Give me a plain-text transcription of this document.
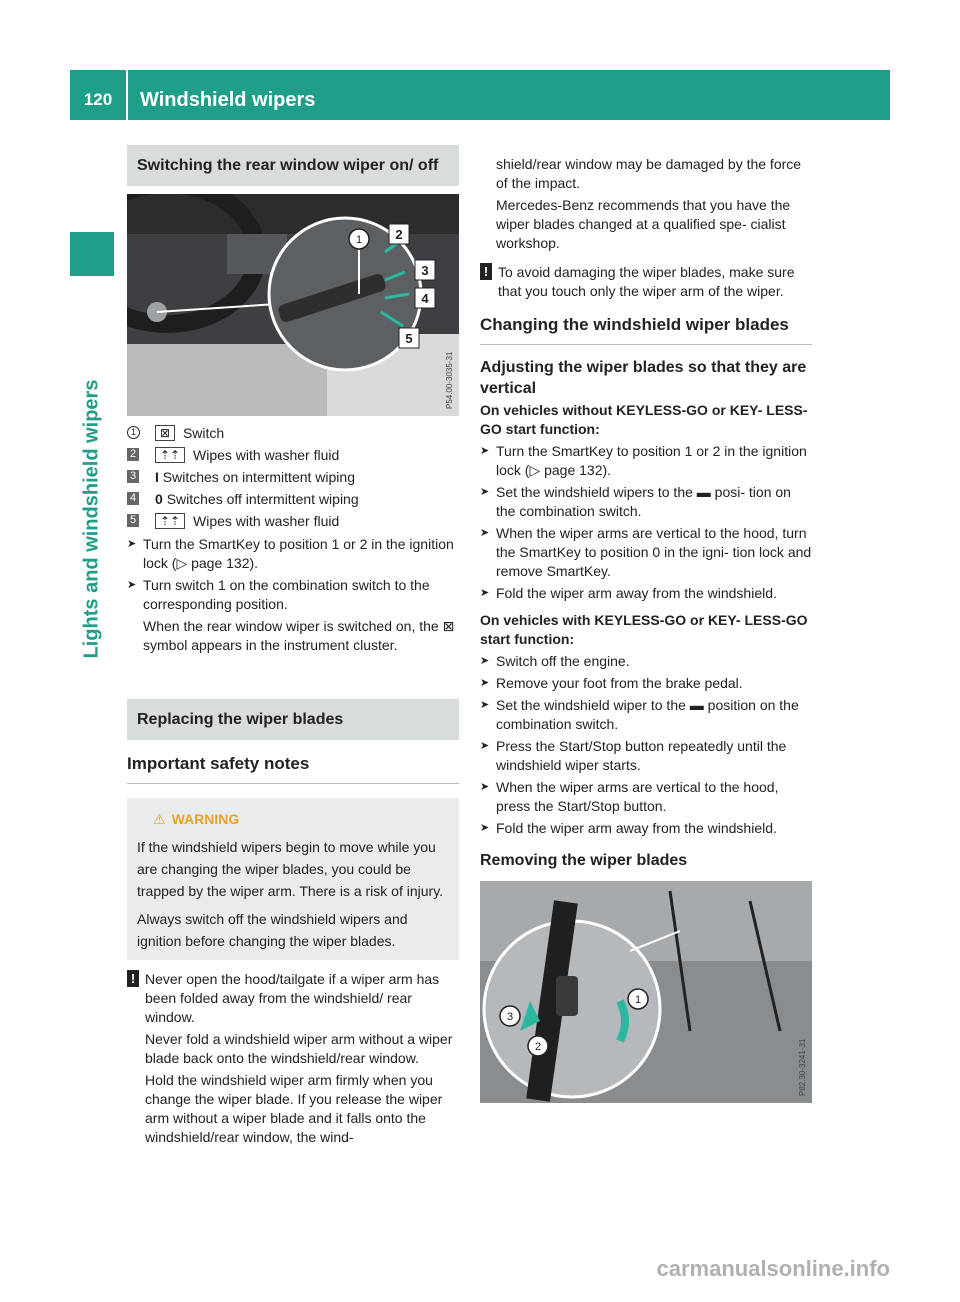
120	Windshield wipers
Lights and windshield wipers
Switching the rear window wiper on/ off
1	2
3
4
5
P54.00-3035-31
1	⊠ Switch
2 ⇡⇡ Wipes with washer fluid
3 I Switches on intermittent wiping
4 0 Switches off intermittent wiping
5 ⇡⇡ Wipes with washer fluid
➤ Turn the SmartKey to position 1 or 2 in the ignition lock (▷ page 132).
➤ Turn switch 1 on the combination switch to the corresponding position.
When the rear window wiper is switched on, the ⊠ symbol appears in the instrument cluster.
Replacing the wiper blades
Important safety notes
⚠ WARNING
If the windshield wipers begin to move while you are changing the wiper blades, you could be trapped by the wiper arm. There is a risk of injury.
Always switch off the windshield wipers and ignition before changing the wiper blades.

! Never open the hood/tailgate if a wiper arm has been folded away from the windshield/ rear window.

Never fold a windshield wiper arm without a wiper blade back onto the windshield/rear window.

Hold the windshield wiper arm firmly when you change the wiper blade. If you release the wiper arm without a wiper blade and it falls onto the windshield/rear window, the wind-

shield/rear window may be damaged by the force of the impact.
Mercedes-Benz recommends that you have the wiper blades changed at a qualified spe- cialist workshop.

! To avoid damaging the wiper blades, make sure that you touch only the wiper arm of the wiper.

Changing the windshield wiper blades
Adjusting the wiper blades so that they are vertical
On vehicles without KEYLESS-GO or KEY- LESS-GO start function:
➤ Turn the SmartKey to position 1 or 2 in the ignition lock (▷ page 132).
➤ Set the windshield wipers to the ▬ posi- tion on the combination switch.
➤ When the wiper arms are vertical to the hood, turn the SmartKey to position 0 in the igni- tion lock and remove SmartKey.
➤ Fold the wiper arm away from the windshield.
On vehicles with KEYLESS-GO or KEY- LESS-GO start function:
➤ Switch off the engine.
➤ Remove your foot from the brake pedal.
➤ Set the windshield wiper to the ▬ position on the combination switch.
➤ Press the Start/Stop button repeatedly until the windshield wiper starts.
➤ When the wiper arms are vertical to the hood, press the Start/Stop button.
➤ Fold the wiper arm away from the windshield.
Removing the wiper blades
1
2
3
P82.30-3241-31
carmanualsonline.info
